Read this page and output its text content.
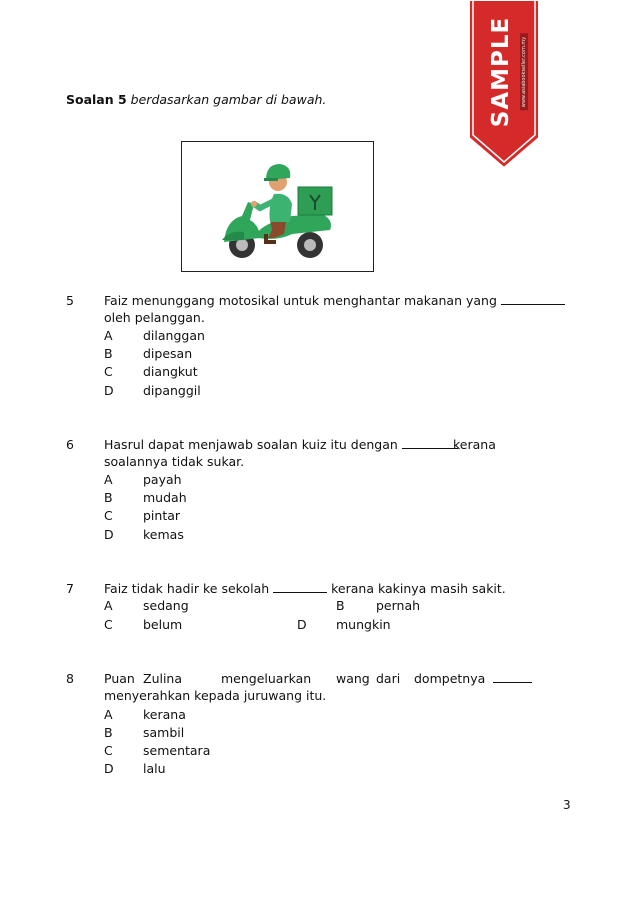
SAMPLE www.asiabookseller.com.my
Soalan 5 berdasarkan gambar di bawah.
5 Faiz menunggang motosikal untuk menghantar makanan yang
oleh pelanggan.
A dilanggan
B dipesan
C diangkut
D dipanggil
6 Hasrul dapat menjawab soalan kuiz itu dengan	kerana
soalannya tidak sukar.
A payah
B mudah
C pintar
D kemas
7 Faiz tidak hadir ke sekolah	kerana kakinya masih sakit.
A sedang	B	pernah
C belum	D mungkin
8 Puan Zulina	mengeluarkan wang dari dompetnya
menyerahkan kepada juruwang itu.
A kerana
B sambil
C sementara
D lalu
3
